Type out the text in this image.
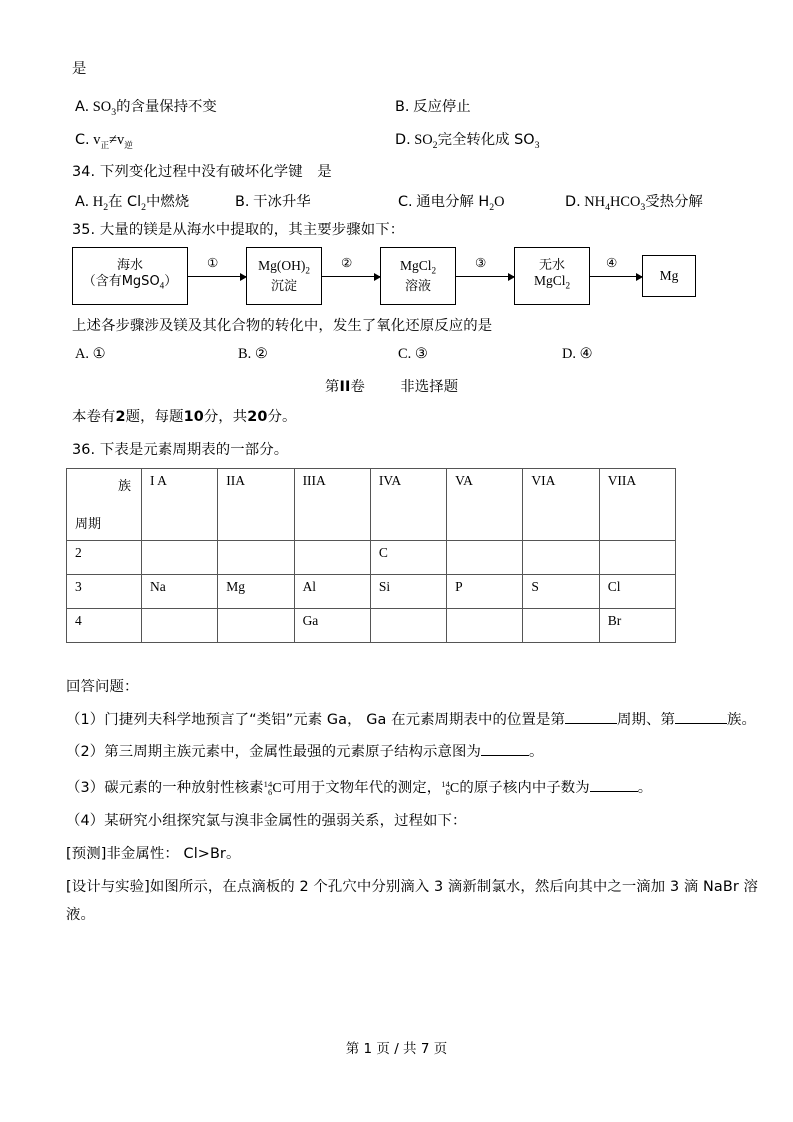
是
A. $SO_3$的含量保持不变	B. 反应停止
C. $v_正\ne v_逆$	D. $SO_2$完全转化成 $SO_3$
34. 下列变化过程中没有破坏化学键　是
A. $H_2$在 $Cl_2$中燃烧	B. 干冰升华	C. 通电分解 $H_2O$	D. $NH_4HCO_3$受热分解
35. 大量的镁是从海水中提取的，其主要步骤如下：
海水
（含有MgSO$_4$）
①	$Mg(OH)_2$
沉淀
②	MgCl$_2$
溶液
③	无水
MgCl$_2$
④
Mg
上述各步骤涉及镁及其化合物的转化中，发生了氧化还原反应的是
A. ①	B. ②	C. ③	D. ④
第II卷 非选择题
本卷有2题，每题10分，共20分。
36. 下表是元素周期表的一部分。
族
周期	I A	IIA	IIIA	IVA	VA	VIA	VIIA
2				C			
3	Na	Mg	Al	Si	P	S	Cl
4			Ga				Br
回答问题：
（1）门捷列夫科学地预言了“类铝”元素 Ga， Ga 在元素周期表中的位置是第	周期、第	族。
（2）第三周期主族元素中，金属性最强的元素原子结构示意图为	。
（3）碳元素的一种放射性核素 14
6 C可用于文物年代的测定， 14
6 C的原子核内中子数为	。
（4）某研究小组探究氯与溴非金属性的强弱关系，过程如下：
[预测]非金属性： Cl>Br。
[设计与实验]如图所示，在点滴板的 2 个孔穴中分别滴入 3 滴新制氯水，然后向其中之一滴加 3 滴 NaBr 溶
液。
第 1 页 / 共 7 页
